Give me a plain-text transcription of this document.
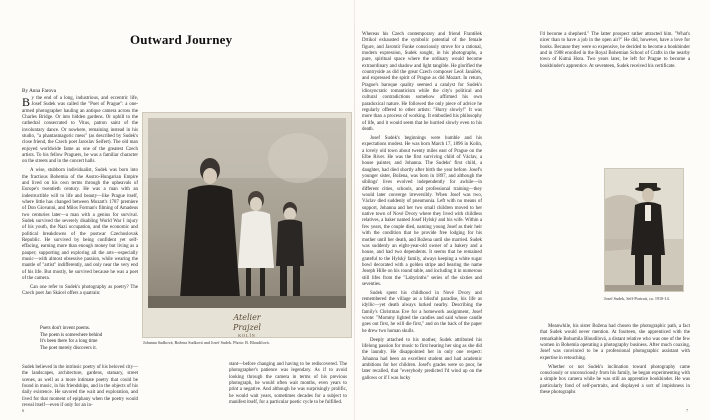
Outward Journey
By Anna Farova

By the end of a long, industrious, and eccentric life, Josef Sudek was called the "Poet of Prague": a one-armed photographer hauling an antique camera across the Charles Bridge. Or into hidden gardens. Or uphill to the cathedral consecrated to Vitus, patron saint of the involuntary dance. Or nowhere, remaining instead in his studio, "a phantasmagoric mess" (as described by Sudek's close friend, the Czech poet Jaroslav Seifert). The old man enjoyed worldwide fame as one of the greatest Czech artists. To his fellow Praguers, he was a familiar character on the streets and in the concert halls.

A wise, stubborn individualist, Sudek was born into the fractious Bohemia of the Austro-Hungarian Empire and lived on his own terms through the upheavals of Europe's twentieth century. He was a man with an indestructible will to life and beauty—like Prague itself, where little has changed between Mozart's 1787 premiere of Don Giovanni, and Milos Forman's filming of Amadeus two centuries later—a man with a genius for survival. Sudek survived the severely disabling World War I injury of his youth, the Nazi occupation, and the economic and political breakdowns of the postwar Czechoslovak Republic. He survived by being confident yet self-effacing, earning more than enough money but living as a pauper; supporting and exploring all the arts—especially music—with almost obsessive passion, while wearing the mantle of "artist" indifferently, and only near the very end of his life. But mostly, he survived because he was a poet of the camera.

Can one refer to Sudek's photography as poetry? The Czech poet Jan Skácel offers a quatrain:

Poets don't invent poems.
The poem is somewhere behind
It's been there for a long time
The poet merely discovers it.

Sudek believed in the intrinsic poetry of his beloved city—the landscapes, architecture, gardens, statuary, street scenes, as well as a more intimate poetry that could be found in music, in his friendships, and in the objects of his daily existence. He savored the wait and exploration, and lived for that moment of epiphany when the poetry would reveal itself—even if only for an in-

Atelier Prajzel
KOLÍN
Johanna Sudková, Božena Sudková and Josef Sudek. Photo: B. Bloudilová.

stant—before changing and having to be rediscovered. The photographer's patience was legendary. As if to avoid looking through the camera in terms of his previous photograph, he would often wait months, even years to print a negative. And although he was surprisingly prolific, he would wait years, sometimes decades for a subject to manifest itself, for a particular poetic cycle to be fulfilled.

Whereas his Czech contemporary and friend František Drtikol exhausted the symbolic potential of the female figure, and Jaromír Funke consciously strove for a rational, modern expression, Sudek sought, in his photographs, a pure, spiritual space where the ordinary would become extraordinary and shadow and light tangible. He glorified the countryside as did the great Czech composer Leoš Janáček, and expressed the spirit of Prague as did Mozart. In return, Prague's baroque quality seemed a catalyst for Sudek's idiosyncratic romanticism while the city's political and cultural contradictions somehow affirmed his own paradoxical nature. He followed the only piece of advice he regularly offered to other artists: "Hurry slowly!" It was more than a process of working. It embodied his philosophy of life, and it would seem that he hurried slowly even to his death.

Josef Sudek's beginnings were humble and his expectations modest. He was born March 17, 1896 in Kolín, a lovely old town about twenty miles east of Prague on the Elbe River. He was the first surviving child of Václav, a house painter, and Johanna. The Sudeks' first child, a daughter, had died shortly after birth the year before. Josef's younger sister, Božena, was born in 1897, and although the siblings' lives evolved independently for awhile—in different cities, schools, and professional training—they would later converge irreversibly. When Josef was two, Václav died suddenly of pneumonia. Left with no means of support, Johanna and her two small children moved to her native town of Nové Dvory where they lived with childless relatives, a baker named Josef Hylský and his wife. Within a few years, the couple died, naming young Josef as their heir with the condition that he provide free lodging for his mother until her death, and Božena until she married. Sudek was suddenly an eight-year-old owner of a bakery and a house, and had two dependents. It seems that he remained grateful to the Hylský family, always keeping a white sugar bowl decorated with a golden stripe and bearing the name Joseph Hille on his round table, and including it in numerous still lifes from the "Labyrinths" series of the sixties and seventies.

Sudek spent his childhood in Nové Dvory and remembered the village as a blissful paradise, his life as idyllic—yet death always lurked nearby. Describing the family's Christmas Eve for a homework assignment, Josef wrote: "Mommy lighted the candles and said whose candle goes out first, he will die first," and on the back of the paper he drew two human skulls.

Deeply attached to his mother, Sudek attributed his lifelong passion for music to first hearing her sing as she did the laundry. He disappointed her in only one respect: Johanna had been an excellent student and had academic ambitions for her children. Josef's grades were so poor, he later recalled, that "everybody predicted I'd wind up on the gallows or if I was lucky

I'd become a shepherd." The latter prospect rather attracted him. "What's nicer than to have a job in the open air?" He did, however, have a love for books. Because they were so expensive, he decided to become a bookbinder and in 1908 enrolled in the Royal Bohemian School of Crafts in the nearby town of Kutná Hora. Two years later, he left for Prague to become a bookbinder's apprentice. At seventeen, Sudek received his certificate.

Josef Sudek, Self-Portrait, ca. 1910-14.

Meanwhile, his sister Božena had chosen the photographic path, a fact that Sudek would never mention. At fourteen, she apprenticed with the remarkable Bohumila Bloudilová, a distant relative who was one of the few women in Bohemia operating a photography business. After much coaxing, Josef was convinced to be a professional photographic assistant with expertise in retouching.

Whether or not Sudek's inclination toward photography came consciously or unconsciously from his family, he began experimenting with a simple box camera while he was still an apprentice bookbinder. He was particularly fond of self-portraits, and displayed a sort of impishness in these photographs

6	7
